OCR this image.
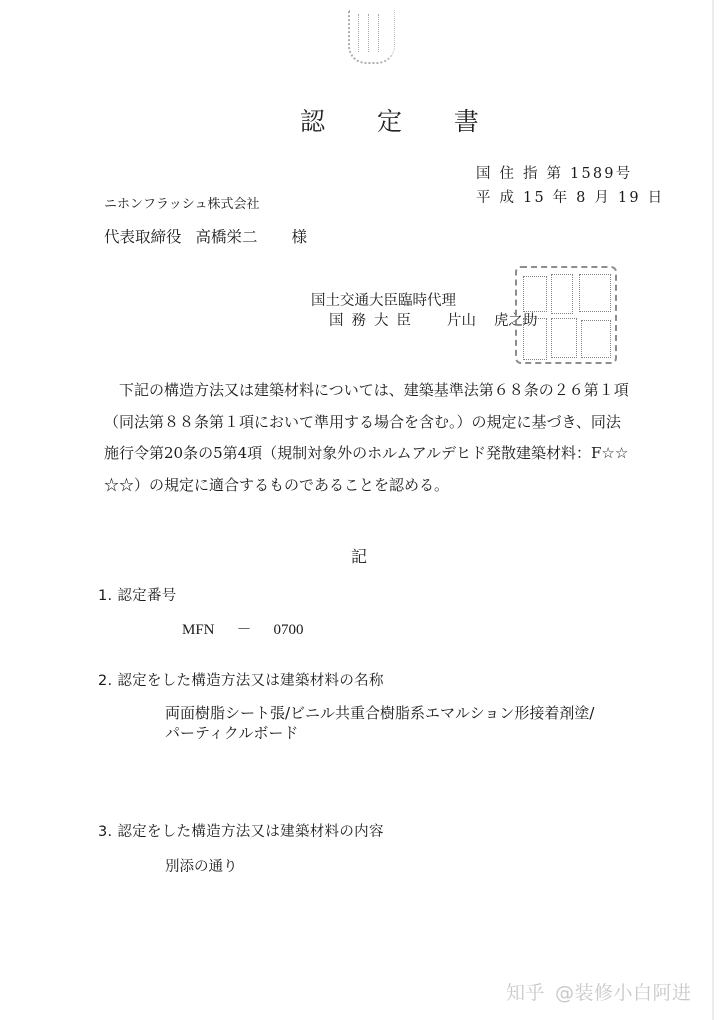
認 定 書
国 住 指 第 1589号
平 成 15 年 8 月 19 日
ニホンフラッシュ株式会社
代表取締役 高橋栄二 様
国土交通大臣臨時代理
国務大臣 片山 虎之助
下記の構造方法又は建築材料については、建築基準法第６８条の２６第１項
（同法第８８条第１項において準用する場合を含む。）の規定に基づき、同法
施行令第20条の5第4項（規制対象外のホルムアルデヒド発散建築材料：F☆☆
☆☆）の規定に適合するものであることを認める。
記
1. 認定番号
MFN － 0700
2. 認定をした構造方法又は建築材料の名称
両面樹脂シート張/ビニル共重合樹脂系エマルション形接着剤塗/
パーティクルボード
3. 認定をした構造方法又は建築材料の内容
別添の通り
知乎 @装修小白阿进
